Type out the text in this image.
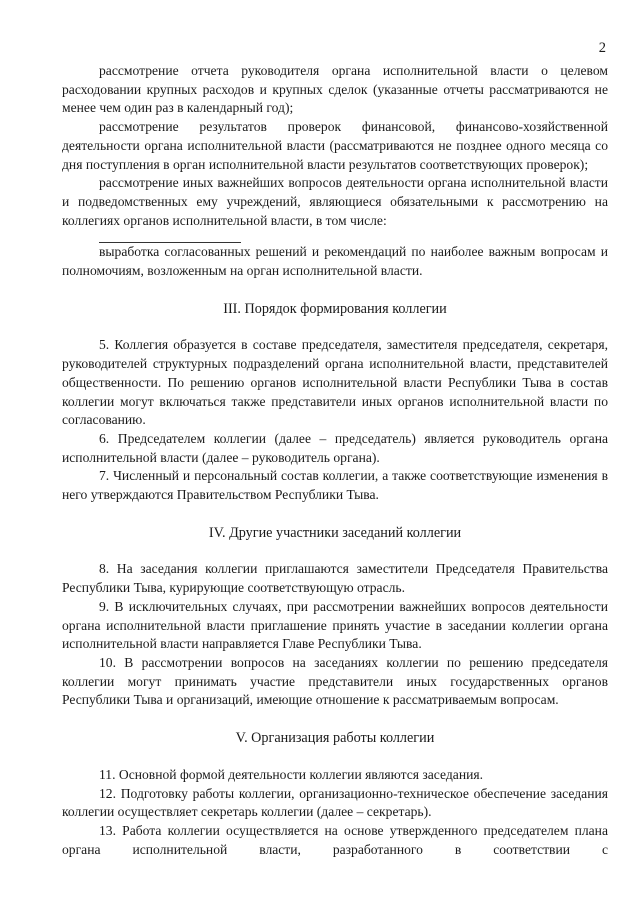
2

рассмотрение отчета руководителя органа исполнительной власти о целевом расходовании крупных расходов и крупных сделок (указанные отчеты рассматриваются не менее чем один раз в календарный год);

рассмотрение результатов проверок финансовой, финансово-хозяйственной деятельности органа исполнительной власти (рассматриваются не позднее одного месяца со дня поступления в орган исполнительной власти результатов соответствующих проверок);

рассмотрение иных важнейших вопросов деятельности органа исполнительной власти и подведомственных ему учреждений, являющиеся обязательными к рассмотрению на коллегиях органов исполнительной власти, в том числе:

выработка согласованных решений и рекомендаций по наиболее важным вопросам и полномочиям, возложенным на орган исполнительной власти.

III. Порядок формирования коллегии

5. Коллегия образуется в составе председателя, заместителя председателя, секретаря, руководителей структурных подразделений органа исполнительной власти, представителей общественности. По решению органов исполнительной власти Республики Тыва в состав коллегии могут включаться также представители иных органов исполнительной власти по согласованию.

6. Председателем коллегии (далее – председатель) является руководитель органа исполнительной власти (далее – руководитель органа).

7. Численный и персональный состав коллегии, а также соответствующие изменения в него утверждаются Правительством Республики Тыва.

IV. Другие участники заседаний коллегии

8. На заседания коллегии приглашаются заместители Председателя Правительства Республики Тыва, курирующие соответствующую отрасль.

9. В исключительных случаях, при рассмотрении важнейших вопросов деятельности органа исполнительной власти приглашение принять участие в заседании коллегии органа исполнительной власти направляется Главе Республики Тыва.

10. В рассмотрении вопросов на заседаниях коллегии по решению председателя коллегии могут принимать участие представители иных государственных органов Республики Тыва и организаций, имеющие отношение к рассматриваемым вопросам.

V. Организация работы коллегии

11. Основной формой деятельности коллегии являются заседания.

12. Подготовку работы коллегии, организационно-техническое обеспечение заседания коллегии осуществляет секретарь коллегии (далее – секретарь).

13. Работа коллегии осуществляется на основе утвержденного председателем плана органа исполнительной власти, разработанного в соответствии с
